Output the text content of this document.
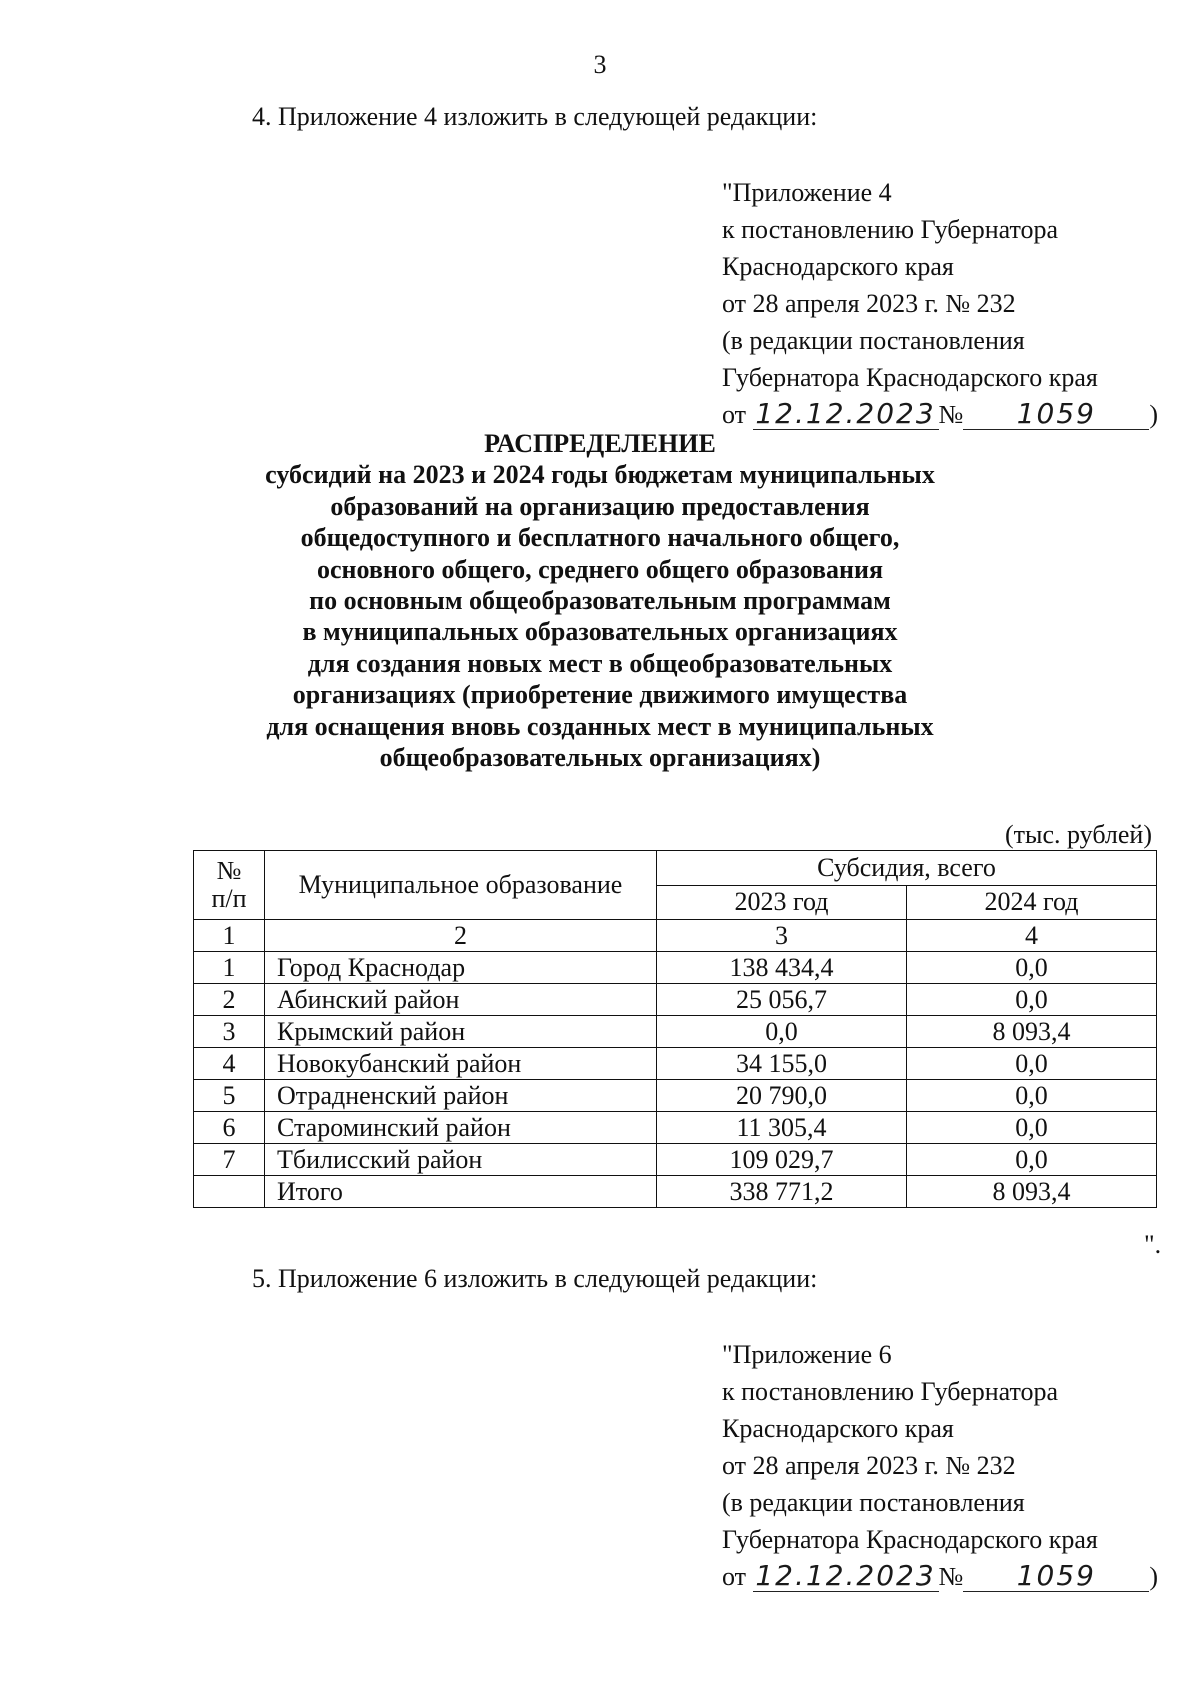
3
4. Приложение 4 изложить в следующей редакции:
"Приложение 4
к постановлению Губернатора
Краснодарского края
от 28 апреля 2023 г. № 232
(в редакции постановления
Губернатора Краснодарского края
от 12.12.2023 № 1059 )
РАСПРЕДЕЛЕНИЕ
субсидий на 2023 и 2024 годы бюджетам муниципальных
образований на организацию предоставления
общедоступного и бесплатного начального общего,
основного общего, среднего общего образования
по основным общеобразовательным программам
в муниципальных образовательных организациях
для создания новых мест в общеобразовательных
организациях (приобретение движимого имущества
для оснащения вновь созданных мест в муниципальных
общеобразовательных организациях)
(тыс. рублей)
№
п/п	Муниципальное образование	Субсидия, всего	
		2023 год	2024 год
1	2	3	4
1	Город Краснодар	138 434,4	0,0
2	Абинский район	25 056,7	0,0
3	Крымский район	0,0	8 093,4
4	Новокубанский район	34 155,0	0,0
5	Отрадненский район	20 790,0	0,0
6	Староминский район	11 305,4	0,0
7	Тбилисский район	109 029,7	0,0
	Итого	338 771,2	8 093,4
".
5. Приложение 6 изложить в следующей редакции:
"Приложение 6
к постановлению Губернатора
Краснодарского края
от 28 апреля 2023 г. № 232
(в редакции постановления
Губернатора Краснодарского края
от 12.12.2023 № 1059 )
